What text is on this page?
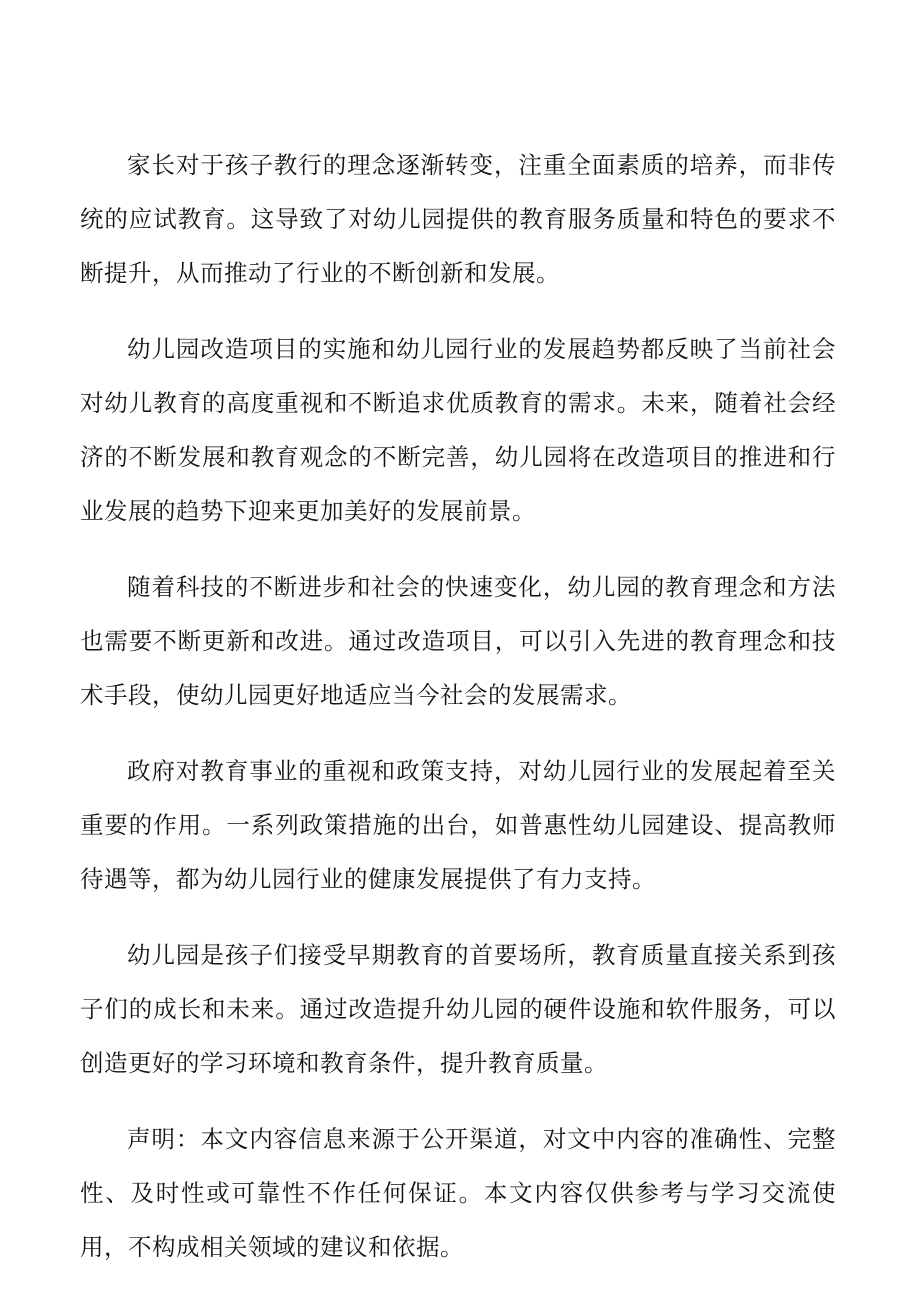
家长对于孩子教行的理念逐渐转变，注重全面素质的培养，而非传统的应试教育。这导致了对幼儿园提供的教育服务质量和特色的要求不断提升，从而推动了行业的不断创新和发展。

幼儿园改造项目的实施和幼儿园行业的发展趋势都反映了当前社会对幼儿教育的高度重视和不断追求优质教育的需求。未来，随着社会经济的不断发展和教育观念的不断完善，幼儿园将在改造项目的推进和行业发展的趋势下迎来更加美好的发展前景。

随着科技的不断进步和社会的快速变化，幼儿园的教育理念和方法也需要不断更新和改进。通过改造项目，可以引入先进的教育理念和技术手段，使幼儿园更好地适应当今社会的发展需求。

政府对教育事业的重视和政策支持，对幼儿园行业的发展起着至关重要的作用。一系列政策措施的出台，如普惠性幼儿园建设、提高教师待遇等，都为幼儿园行业的健康发展提供了有力支持。

幼儿园是孩子们接受早期教育的首要场所，教育质量直接关系到孩子们的成长和未来。通过改造提升幼儿园的硬件设施和软件服务，可以创造更好的学习环境和教育条件，提升教育质量。

声明：本文内容信息来源于公开渠道，对文中内容的准确性、完整性、及时性或可靠性不作任何保证。本文内容仅供参考与学习交流使用，不构成相关领域的建议和依据。
